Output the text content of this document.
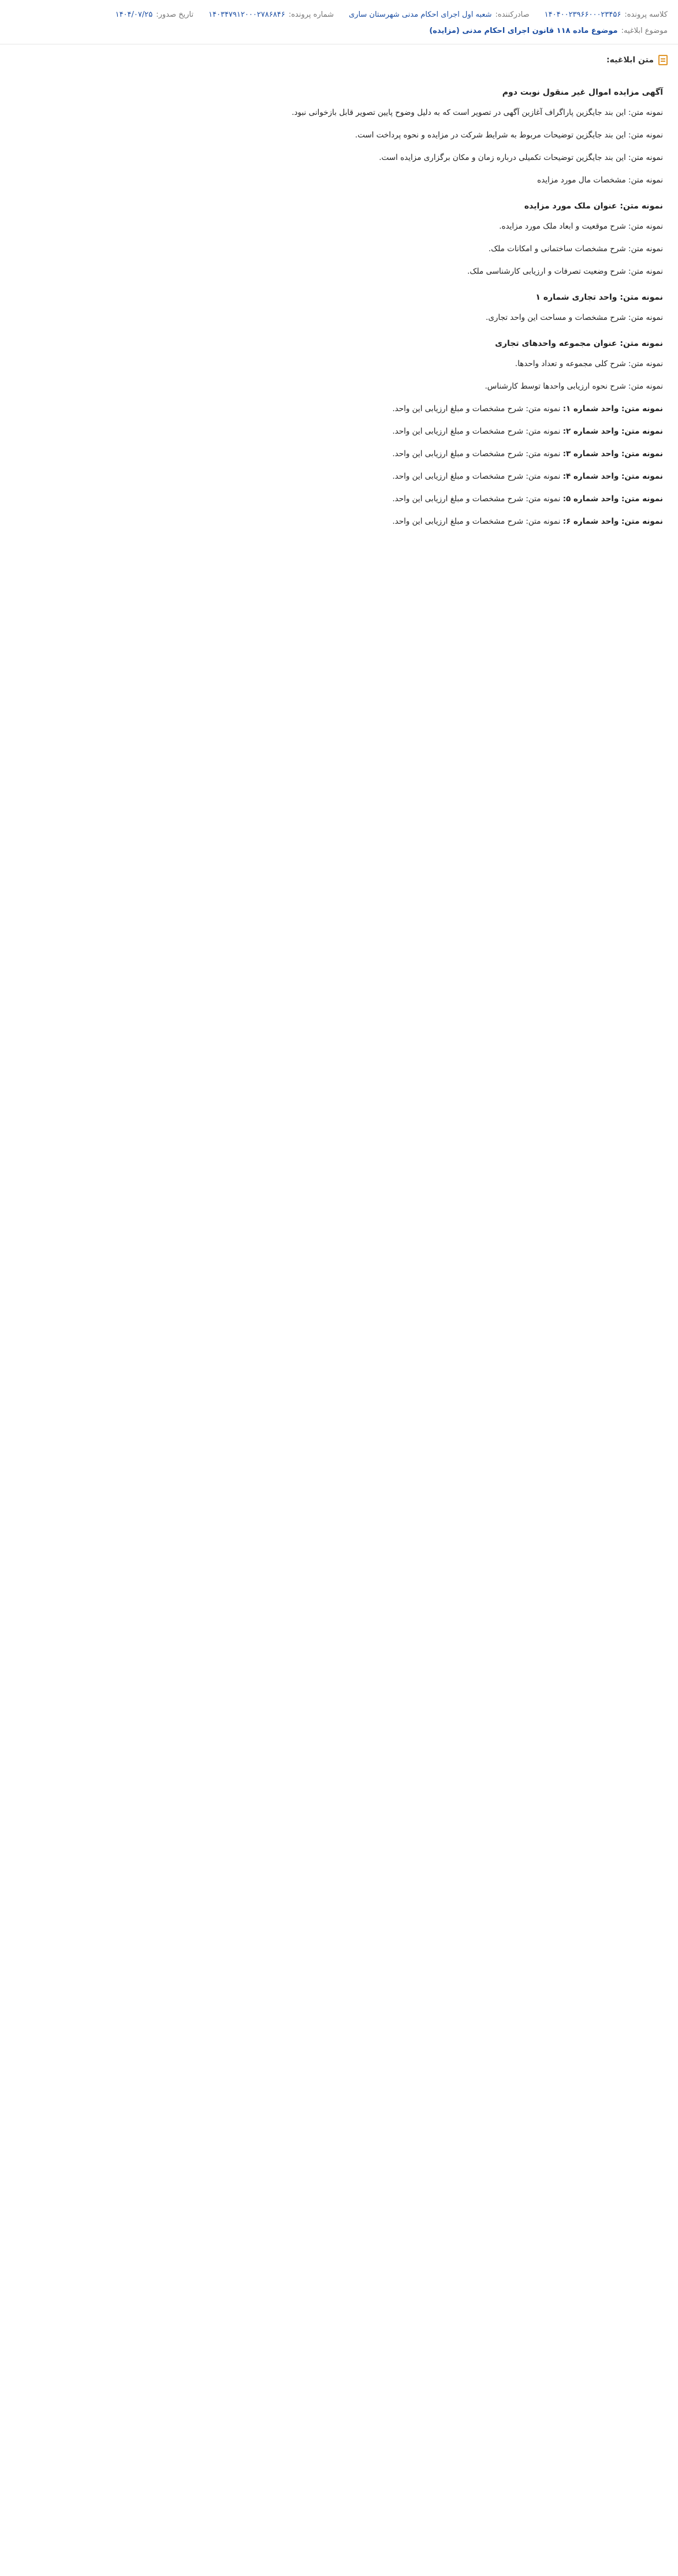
کلاسه پرونده:
۱۴۰۴۰۰۲۳۹۶۶۰۰۰۲۳۴۵۶
صادرکننده:
شعبه اول اجرای احکام مدنی شهرستان ساری
شماره پرونده:
۱۴۰۳۴۷۹۱۲۰۰۰۲۷۸۶۸۴۶
تاریخ صدور:
۱۴۰۴/۰۷/۲۵
موضوع ابلاغیه:
موضوع ماده ۱۱۸ قانون اجرای احکام مدنی (مزایده)
متن ابلاغیه:

آگهی مزایده اموال غیر منقول نوبت دوم

نمونه متن: این بند جایگزین پاراگراف آغازین آگهی در تصویر است که به دلیل وضوح پایین تصویر قابل بازخوانی نبود.

نمونه متن: این بند جایگزین توضیحات مربوط به شرایط شرکت در مزایده و نحوه پرداخت است.

نمونه متن: این بند جایگزین توضیحات تکمیلی درباره زمان و مکان برگزاری مزایده است.

نمونه متن: مشخصات مال مورد مزایده

نمونه متن: عنوان ملک مورد مزایده

نمونه متن: شرح موقعیت و ابعاد ملک مورد مزایده.

نمونه متن: شرح مشخصات ساختمانی و امکانات ملک.

نمونه متن: شرح وضعیت تصرفات و ارزیابی کارشناسی ملک.

نمونه متن: واحد تجاری شماره ۱

نمونه متن: شرح مشخصات و مساحت این واحد تجاری.

نمونه متن: عنوان مجموعه واحدهای تجاری

نمونه متن: شرح کلی مجموعه و تعداد واحدها.

نمونه متن: شرح نحوه ارزیابی واحدها توسط کارشناس.

نمونه متن: واحد شماره ۱: نمونه متن: شرح مشخصات و مبلغ ارزیابی این واحد.

نمونه متن: واحد شماره ۲: نمونه متن: شرح مشخصات و مبلغ ارزیابی این واحد.

نمونه متن: واحد شماره ۳: نمونه متن: شرح مشخصات و مبلغ ارزیابی این واحد.

نمونه متن: واحد شماره ۴: نمونه متن: شرح مشخصات و مبلغ ارزیابی این واحد.

نمونه متن: واحد شماره ۵: نمونه متن: شرح مشخصات و مبلغ ارزیابی این واحد.

نمونه متن: واحد شماره ۶: نمونه متن: شرح مشخصات و مبلغ ارزیابی این واحد.
